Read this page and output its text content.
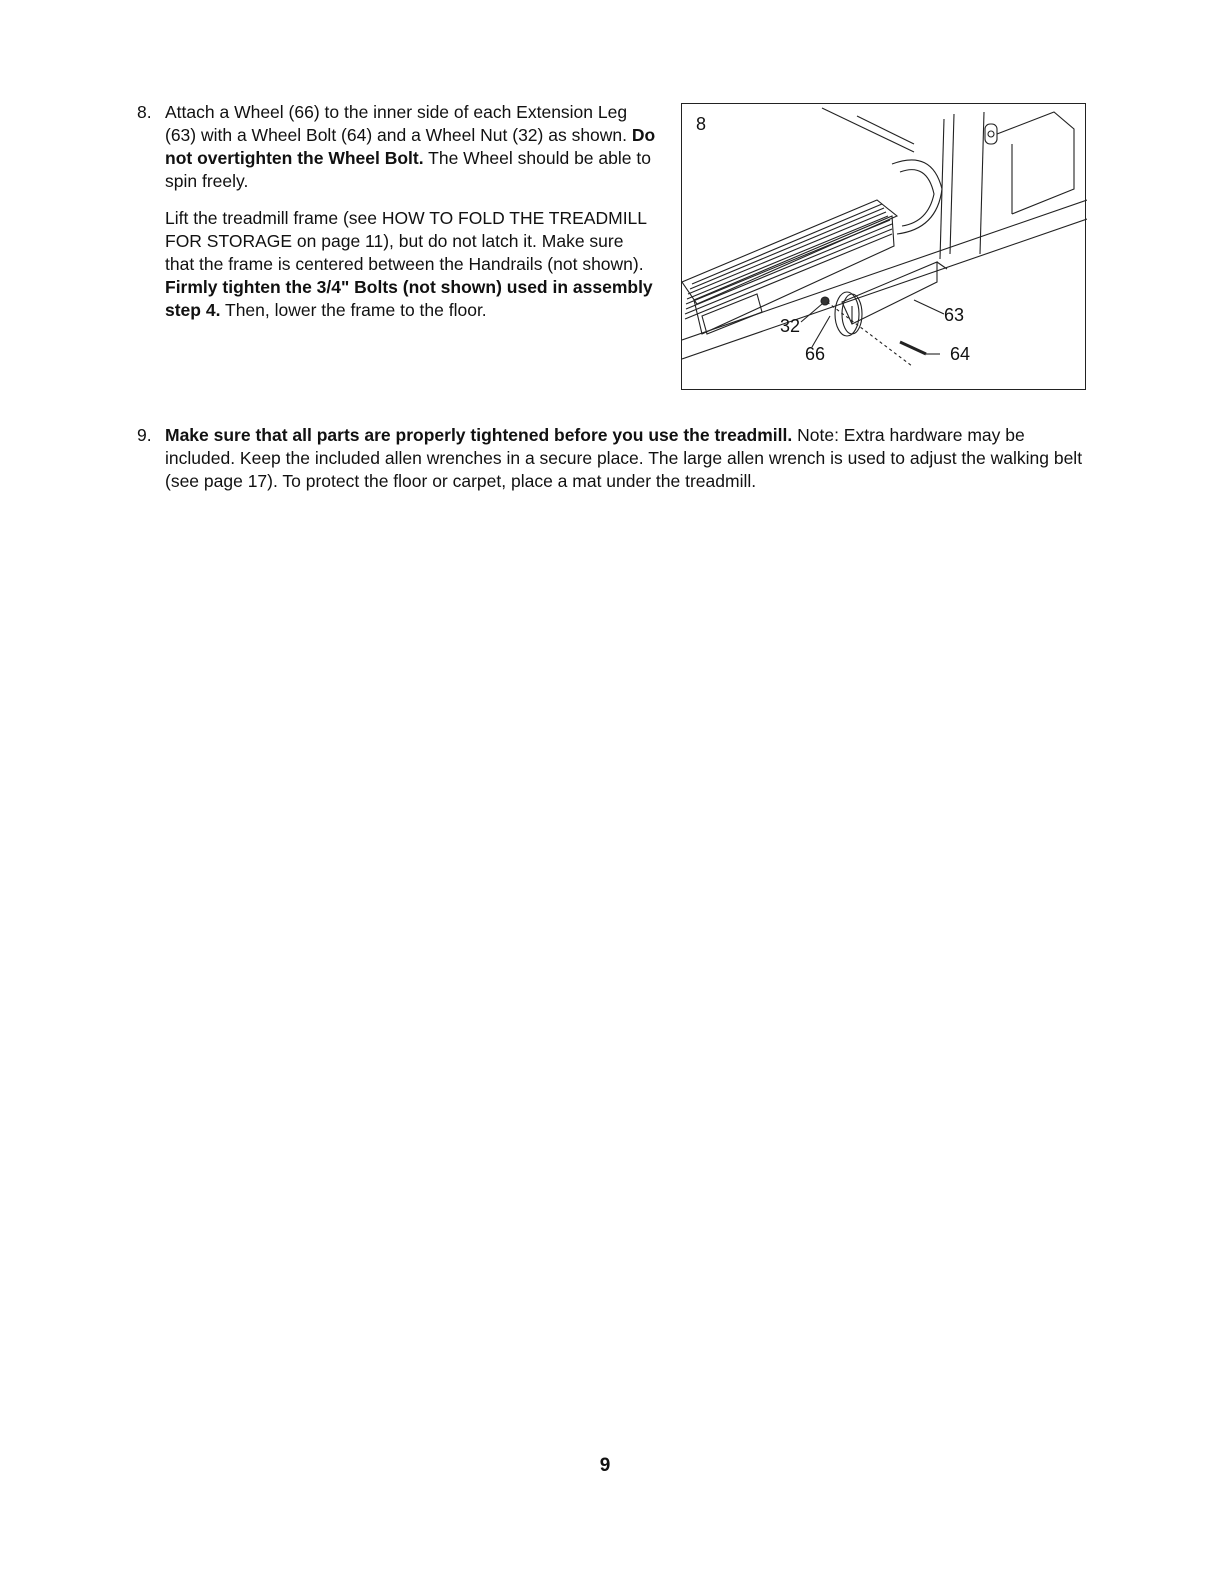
8. Attach a Wheel (66) to the inner side of each Extension Leg (63) with a Wheel Bolt (64) and a Wheel Nut (32) as shown. Do not overtighten the Wheel Bolt. The Wheel should be able to spin freely.

Lift the treadmill frame (see HOW TO FOLD THE TREADMILL FOR STORAGE on page 11), but do not latch it. Make sure that the frame is centered between the Handrails (not shown). Firmly tighten the 3/4" Bolts (not shown) used in assembly step 4. Then, lower the frame to the floor.

8
32
66
63
64
9. Make sure that all parts are properly tightened before you use the treadmill. Note: Extra hardware may be included. Keep the included allen wrenches in a secure place. The large allen wrench is used to adjust the walking belt (see page 17). To protect the floor or carpet, place a mat under the treadmill.

9
